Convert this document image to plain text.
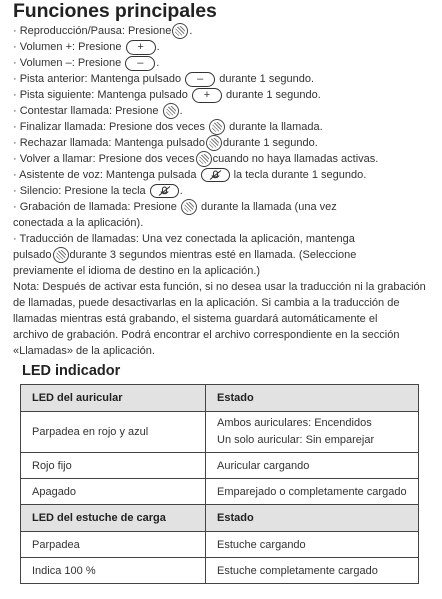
Funciones principales
· Reproducción/Pausa: Presione .
· Volumen +: Presione + .
· Volumen –: Presione – .
· Pista anterior: Mantenga pulsado – durante 1 segundo.
· Pista siguiente: Mantenga pulsado + durante 1 segundo.
· Contestar llamada: Presione .
· Finalizar llamada: Presione dos veces durante la llamada.
· Rechazar llamada: Mantenga pulsado durante 1 segundo.
· Volver a llamar: Presione dos veces cuando no haya llamadas activas.
· Asistente de voz: Mantenga pulsada	la tecla durante 1 segundo.
· Silencio: Presione la tecla	.
· Grabación de llamada: Presione durante la llamada (una vez
conectada a la aplicación).
· Traducción de llamadas: Una vez conectada la aplicación, mantenga
pulsado durante 3 segundos mientras esté en llamada. (Seleccione
previamente el idioma de destino en la aplicación.)
Nota: Después de activar esta función, si no desea usar la traducción ni la grabación
de llamadas, puede desactivarlas en la aplicación. Si cambia a la traducción de
llamadas mientras está grabando, el sistema guardará automáticamente el
archivo de grabación. Podrá encontrar el archivo correspondiente en la sección
«Llamadas» de la aplicación.
LED indicador
LED del auricular	Estado
Parpadea en rojo y azul	Ambos auriculares: Encendidos
Un solo auricular: Sin emparejar
Rojo fijo	Auricular cargando
Apagado	Emparejado o completamente cargado
LED del estuche de carga	Estado
Parpadea	Estuche cargando
Indica 100 %	Estuche completamente cargado
